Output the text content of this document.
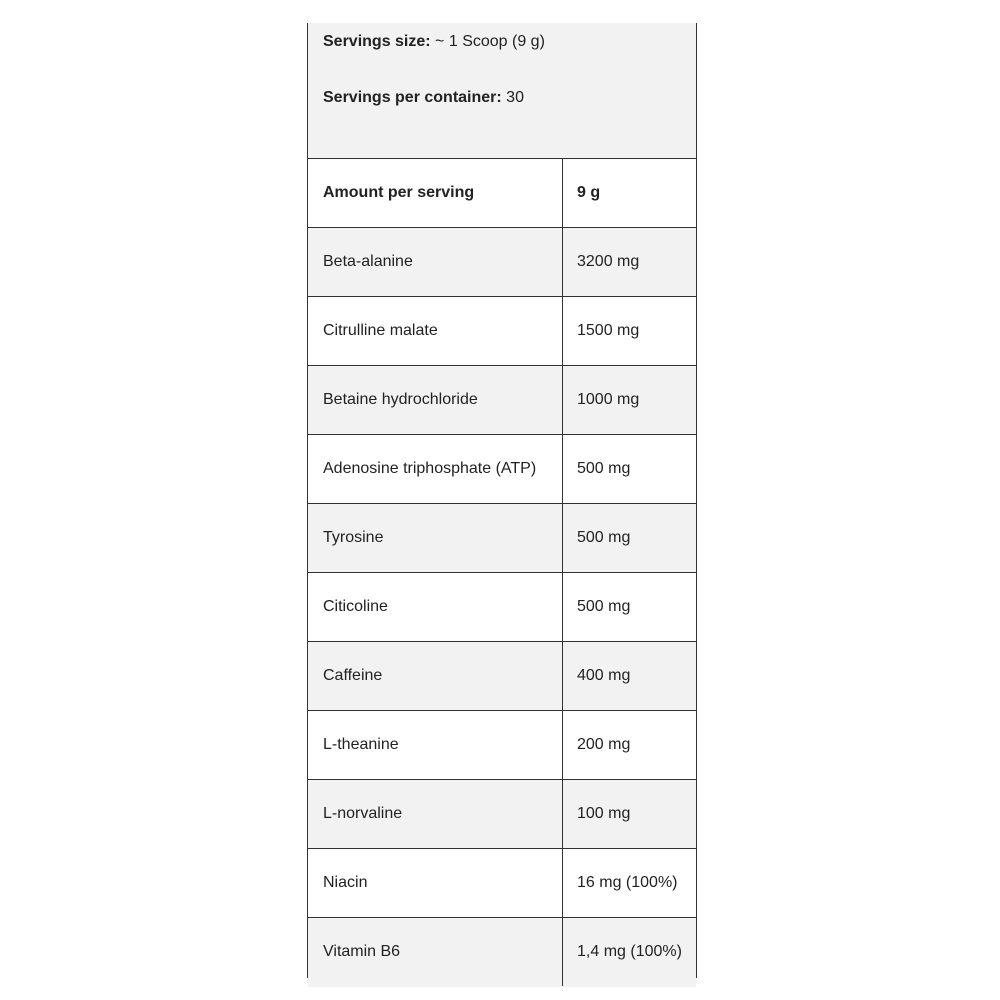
Servings size: ~ 1 Scoop (9 g)
Servings per container: 30
Amount per serving	9 g
Beta-alanine	3200 mg
Citrulline malate	1500 mg
Betaine hydrochloride	1000 mg
Adenosine triphosphate (ATP)	500 mg
Tyrosine	500 mg
Citicoline	500 mg
Caffeine	400 mg
L-theanine	200 mg
L-norvaline	100 mg
Niacin	16 mg (100%)
Vitamin B6	1,4 mg (100%)
